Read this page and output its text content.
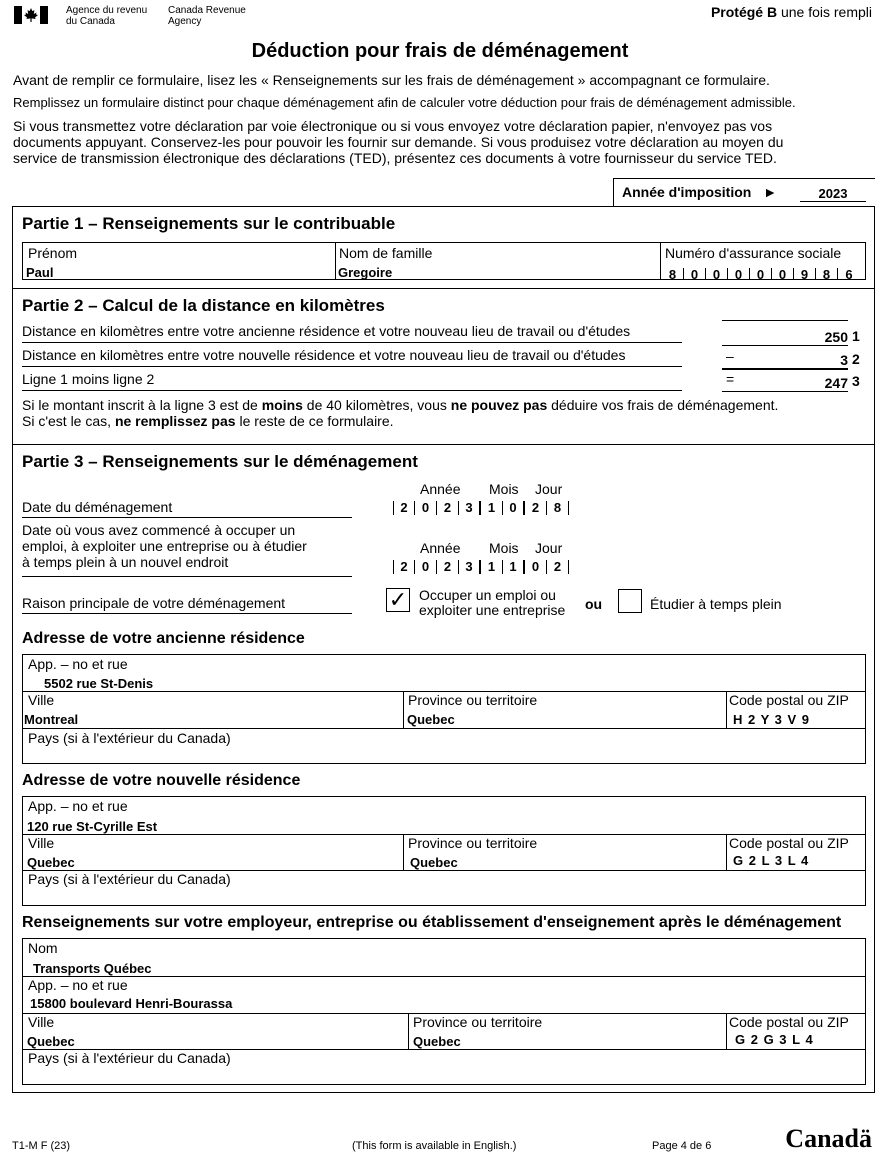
Agence du revenu
du Canada
Canada Revenue
Agency
Protégé B une fois rempli
Déduction pour frais de déménagement
Avant de remplir ce formulaire, lisez les « Renseignements sur les frais de déménagement » accompagnant ce formulaire.
Remplissez un formulaire distinct pour chaque déménagement afin de calculer votre déduction pour frais de déménagement admissible.
Si vous transmettez votre déclaration par voie électronique ou si vous envoyez votre déclaration papier, n'envoyez pas vos
documents appuyant. Conservez-les pour pouvoir les fournir sur demande. Si vous produisez votre déclaration au moyen du
service de transmission électronique des déclarations (TED), présentez ces documents à votre fournisseur du service TED.
Année d'imposition ►	2023
Partie 1 – Renseignements sur le contribuable
Prénom
Paul
Nom de famille
Gregoire
Numéro d'assurance sociale
8	0	0	0	0	0	9	8	6
Partie 2 – Calcul de la distance en kilomètres
Distance en kilomètres entre votre ancienne résidence et votre nouveau lieu de travail ou d'études	250 1
Distance en kilomètres entre votre nouvelle résidence et votre nouveau lieu de travail ou d'études	–	3 2
Ligne 1 moins ligne 2	=	247 3
Si le montant inscrit à la ligne 3 est de moins de 40 kilomètres, vous ne pouvez pas déduire vos frais de déménagement.
Si c'est le cas, ne remplissez pas le reste de ce formulaire.
Partie 3 – Renseignements sur le déménagement
Année Mois Jour
Date du déménagement	2	0	2	3	1	0	2	8
Date où vous avez commencé à occuper un
emploi, à exploiter une entreprise ou à étudier
à temps plein à un nouvel endroit
Année Mois Jour
2	0	2	3	1	1	0	2
Raison principale de votre déménagement	✓ Occuper un emploi ou
exploiter une entreprise ou	Étudier à temps plein
Adresse de votre ancienne résidence
App. – no et rue
5502 rue St-Denis
Ville
Montreal
Province ou territoire
Quebec
Code postal ou ZIP
H 2 Y 3 V 9
Pays (si à l'extérieur du Canada)
Adresse de votre nouvelle résidence
App. – no et rue
120 rue St-Cyrille Est
Ville
Quebec
Province ou territoire
Quebec
Code postal ou ZIP
G 2 L 3 L 4
Pays (si à l'extérieur du Canada)
Renseignements sur votre employeur, entreprise ou établissement d'enseignement après le déménagement
Nom
Transports Québec
App. – no et rue
15800 boulevard Henri-Bourassa
Ville
Quebec
Province ou territoire
Quebec
Code postal ou ZIP
G 2 G 3 L 4
Pays (si à l'extérieur du Canada)
T1-M F (23)	(This form is available in English.)	Page 4 de 6	Canadä
